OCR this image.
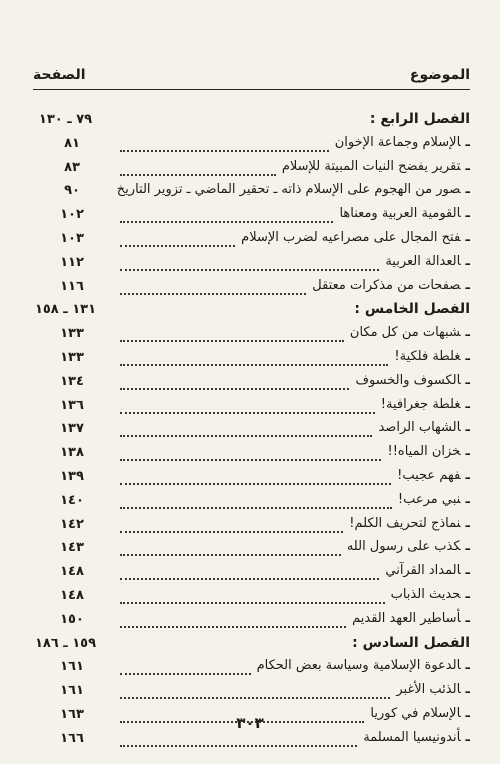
الصفحة	الموضوع
٧٩ ـ ١٣٠	الفصل الرابع :
٨١	ـالإسلام وجماعة الإخوان
٨٣	ـتقرير يفضح النيات المبيتة للإسلام
٩٠	ـصور من الهجوم على الإسلام ذاته ـ تحقير الماضي ـ تزوير التاريخ
١٠٢	ـالقومية العربية ومعناها
١٠٣	ـفتح المجال على مصراعيه لضرب الإسلام
١١٢	ـالعدالة العربية
١١٦	ـصفحات من مذكرات معتقل
١٣١ ـ ١٥٨	الفصل الخامس :
١٣٣	ـشبهات من كل مكان
١٣٣	ـغلطة فلكية!
١٣٤	ـالكسوف والخسوف
١٣٦	ـغلطة جغرافية!
١٣٧	ـالشهاب الراصد
١٣٨	ـخزان المياه!!
١٣٩	ـفهم عجيب!
١٤٠	ـنبي مرعب!
١٤٢	ـنماذج لتحريف الكلم!
١٤٣	ـكذب على رسول الله
١٤٨	ـالمداد القرآني
١٤٨	ـحديث الذباب
١٥٠	ـأساطير العهد القديم
١٥٩ ـ ١٨٦	الفصل السادس :
١٦١	ـالدعوة الإسلامية وسياسة بعض الحكام
١٦١	ـالذئب الأغبر
١٦٣	ـالإسلام في كوريا
١٦٦	ـأندونيسيا المسلمة
٣٠٣
